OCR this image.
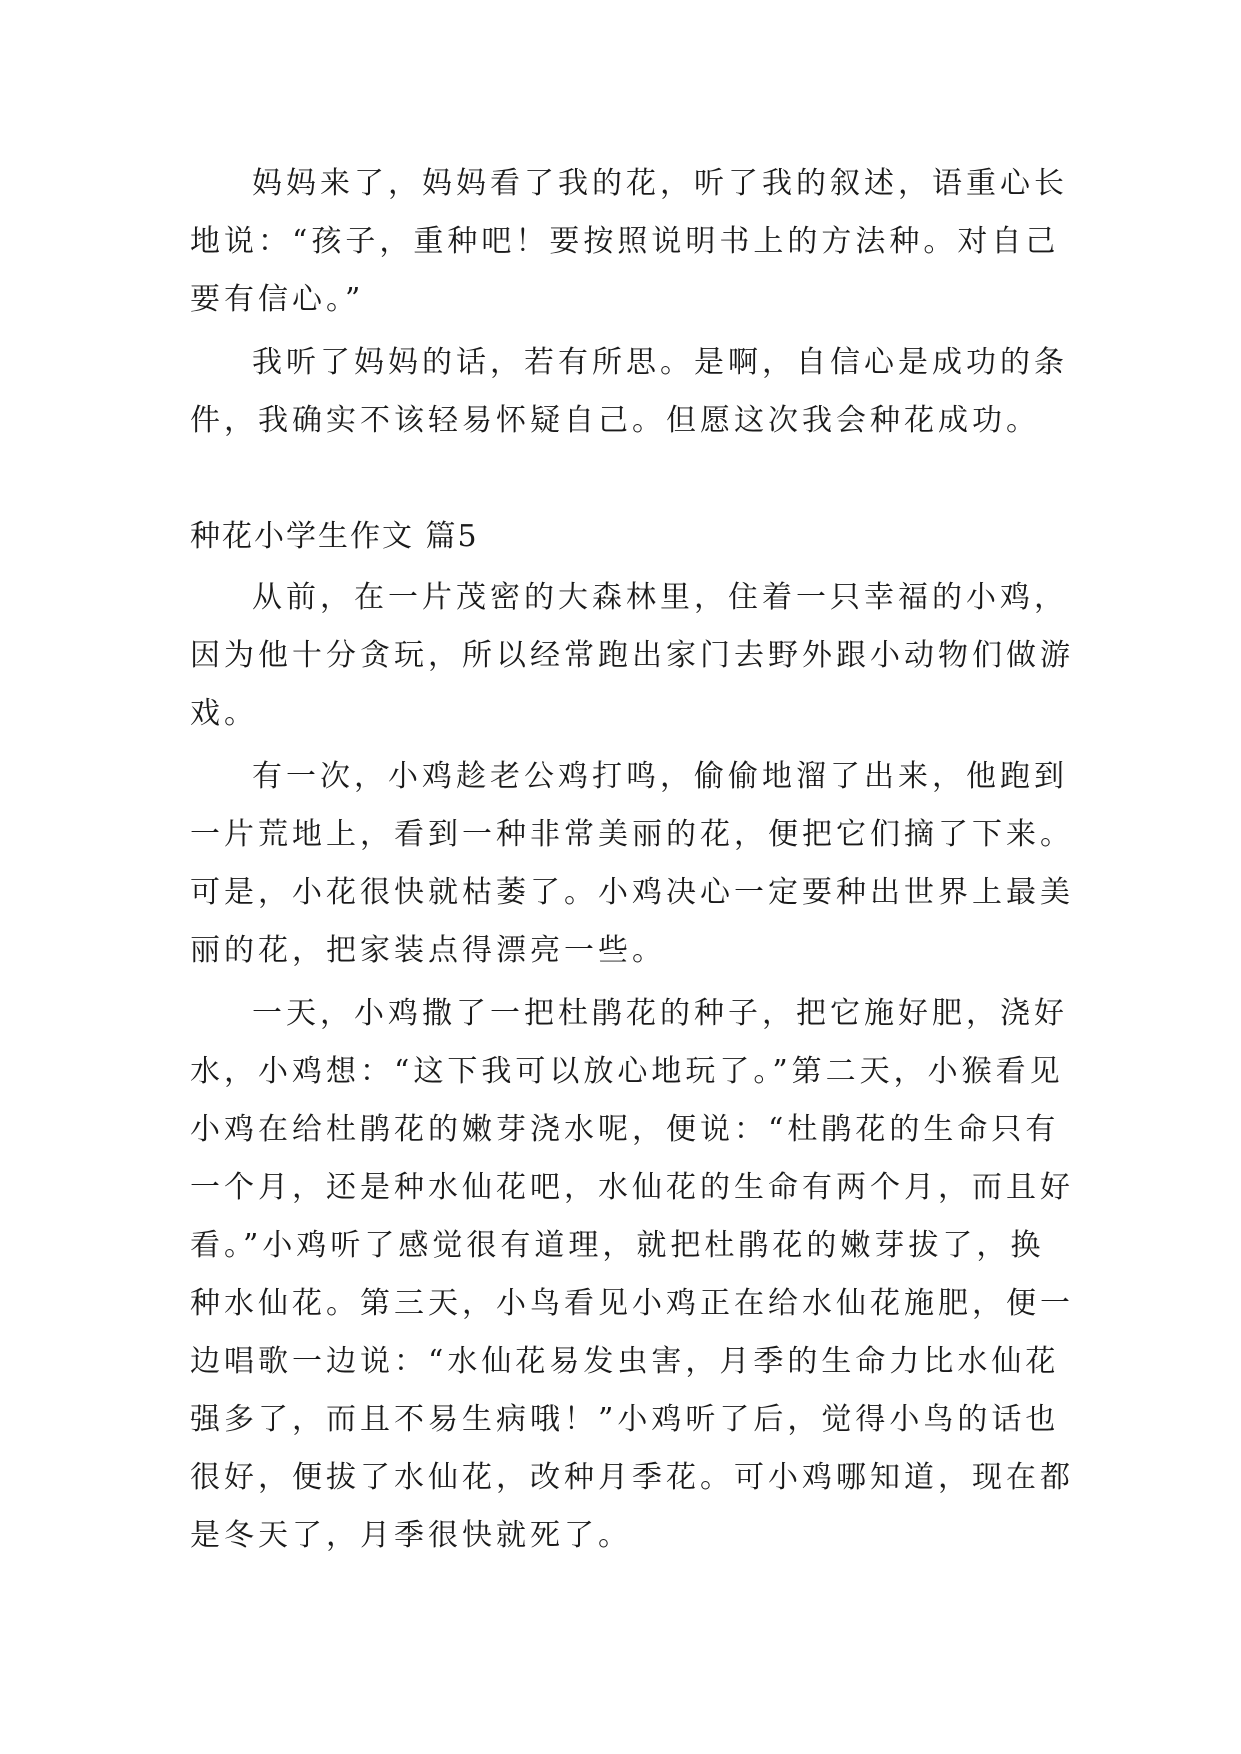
妈妈来了，妈妈看了我的花，听了我的叙述，语重心长
地说：“孩子，重种吧！要按照说明书上的方法种。对自己
要有信心。”
我听了妈妈的话，若有所思。是啊，自信心是成功的条
件，我确实不该轻易怀疑自己。但愿这次我会种花成功。
种花小学生作文 篇5
从前，在一片茂密的大森林里，住着一只幸福的小鸡，
因为他十分贪玩，所以经常跑出家门去野外跟小动物们做游
戏。
有一次，小鸡趁老公鸡打鸣，偷偷地溜了出来，他跑到
一片荒地上，看到一种非常美丽的花，便把它们摘了下来。
可是，小花很快就枯萎了。小鸡决心一定要种出世界上最美
丽的花，把家装点得漂亮一些。
一天，小鸡撒了一把杜鹃花的种子，把它施好肥，浇好
水，小鸡想：“这下我可以放心地玩了。”第二天，小猴看见
小鸡在给杜鹃花的嫩芽浇水呢，便说：“杜鹃花的生命只有
一个月，还是种水仙花吧，水仙花的生命有两个月，而且好
看。”小鸡听了感觉很有道理，就把杜鹃花的嫩芽拔了，换
种水仙花。第三天，小鸟看见小鸡正在给水仙花施肥，便一
边唱歌一边说：“水仙花易发虫害，月季的生命力比水仙花
强多了，而且不易生病哦！”小鸡听了后，觉得小鸟的话也
很好，便拔了水仙花，改种月季花。可小鸡哪知道，现在都
是冬天了，月季很快就死了。
